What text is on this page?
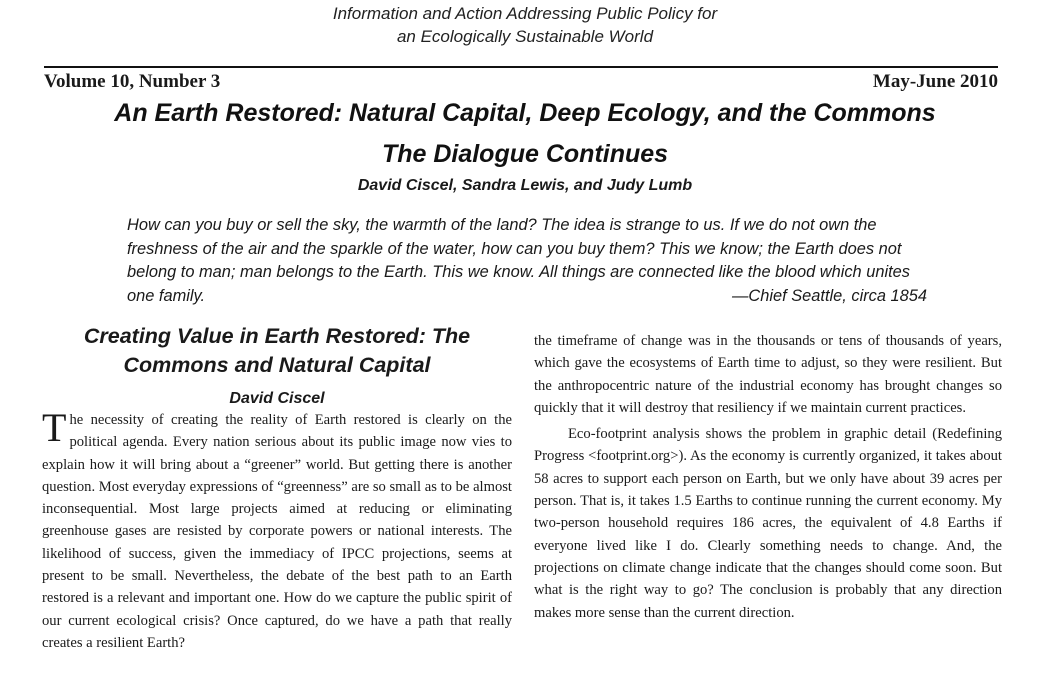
Information and Action Addressing Public Policy for
an Ecologically Sustainable World
Volume 10, Number 3	May-June 2010
An Earth Restored: Natural Capital, Deep Ecology, and the Commons
The Dialogue Continues
David Ciscel, Sandra Lewis, and Judy Lumb

How can you buy or sell the sky, the warmth of the land? The idea is strange to us. If we do not own the freshness of the air and the sparkle of the water, how can you buy them? This we know; the Earth does not belong to man; man belongs to the Earth. This we know. All things are connected like the blood which unites one family.	—Chief Seattle, circa 1854

Creating Value in Earth Restored: The
Commons and Natural Capital
David Ciscel

The necessity of creating the reality of Earth restored is clearly on the political agenda. Every nation serious about its public image now vies to explain how it will bring about a “greener” world. But getting there is another question. Most everyday expressions of “greenness” are so small as to be almost inconsequential. Most large projects aimed at reducing or eliminating greenhouse gases are resisted by corporate powers or national interests. The likelihood of success, given the immediacy of IPCC projections, seems at present to be small. Nevertheless, the debate of the best path to an Earth restored is a relevant and important one. How do we capture the public spirit of our current ecological crisis? Once captured, do we have a path that really creates a resilient Earth?

the timeframe of change was in the thousands or tens of thousands of years, which gave the ecosystems of Earth time to adjust, so they were resilient. But the anthropocentric nature of the industrial economy has brought changes so quickly that it will destroy that resiliency if we maintain current practices.

Eco-footprint analysis shows the problem in graphic detail (Redefining Progress <footprint.org>). As the economy is currently organized, it takes about 58 acres to support each person on Earth, but we only have about 39 acres per person. That is, it takes 1.5 Earths to continue running the current economy. My two-person household requires 186 acres, the equivalent of 4.8 Earths if everyone lived like I do. Clearly something needs to change. And, the projections on climate change indicate that the changes should come soon. But what is the right way to go? The conclusion is probably that any direction makes more sense than the current direction.
